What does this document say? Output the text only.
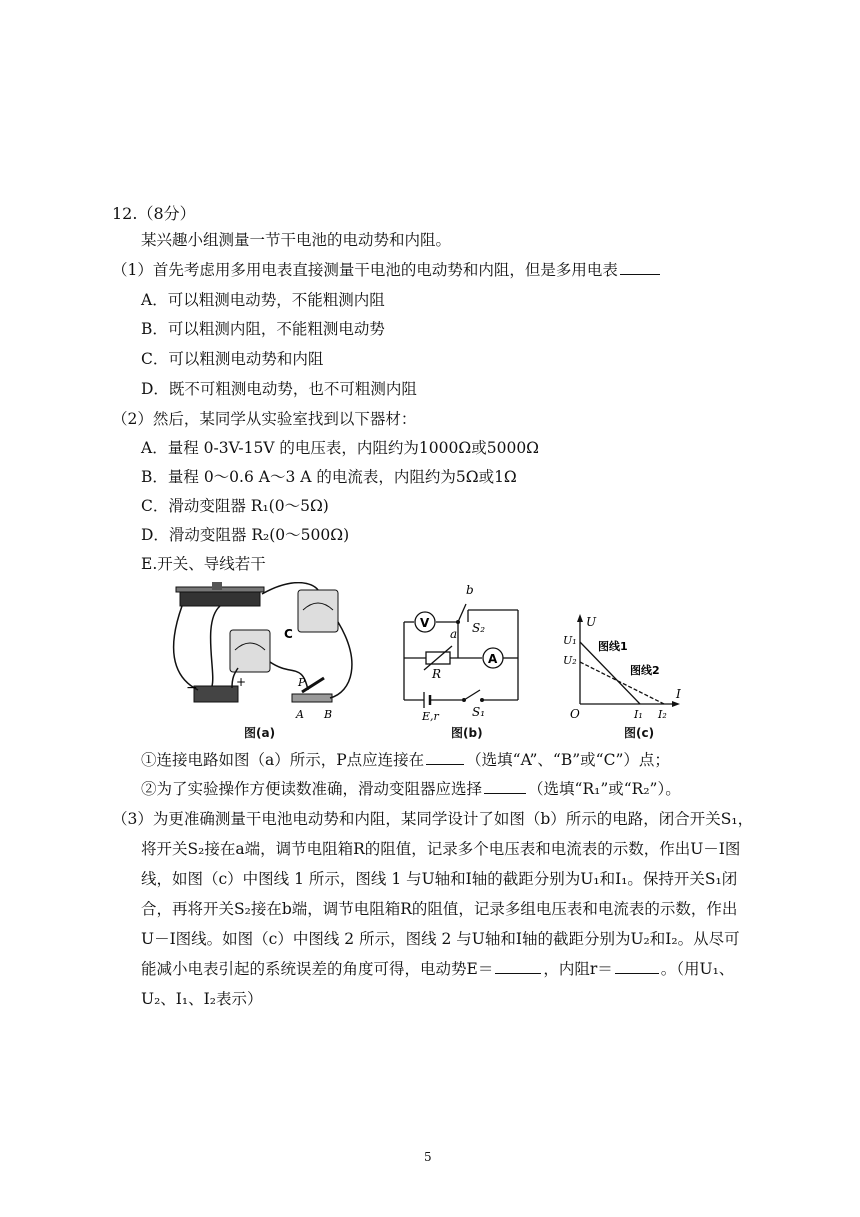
12.（8分）
某兴趣小组测量一节干电池的电动势和内阻。
（1）首先考虑用多用电表直接测量干电池的电动势和内阻，但是多用电表
A．可以粗测电动势，不能粗测内阻
B．可以粗测内阻，不能粗测电动势
C．可以粗测电动势和内阻
D．既不可粗测电动势，也不可粗测内阻
（2）然后，某同学从实验室找到以下器材：
A．量程 0-3V-15V 的电压表，内阻约为1000Ω或5000Ω
B．量程 0～0.6 A～3 A 的电流表，内阻约为5Ω或1Ω
C．滑动变阻器 R₁(0～5Ω)
D．滑动变阻器 R₂(0～500Ω)
E.开关、导线若干
C
P
A B
−	+
图(a)
V
A
b
a S₂
R
E,r	S₁
图(b)
U
I
O
U₁
U₂
I₁ I₂
图线1
图线2
图(c)
①连接电路如图（a）所示，P点应连接在	（选填“A”、“B”或“C”）点；
②为了实验操作方便读数准确，滑动变阻器应选择	（选填“R₁”或“R₂”）。
（3）为更准确测量干电池电动势和内阻，某同学设计了如图（b）所示的电路，闭合开关S₁，
将开关S₂接在a端，调节电阻箱R的阻值，记录多个电压表和电流表的示数，作出U－I图
线，如图（c）中图线 1 所示，图线 1 与U轴和I轴的截距分别为U₁和I₁。保持开关S₁闭
合，再将开关S₂接在b端，调节电阻箱R的阻值，记录多组电压表和电流表的示数，作出
U－I图线。如图（c）中图线 2 所示，图线 2 与U轴和I轴的截距分别为U₂和I₂。从尽可
能减小电表引起的系统误差的角度可得，电动势E＝	，内阻r＝	。（用U₁、
U₂、I₁、I₂表示）
5
